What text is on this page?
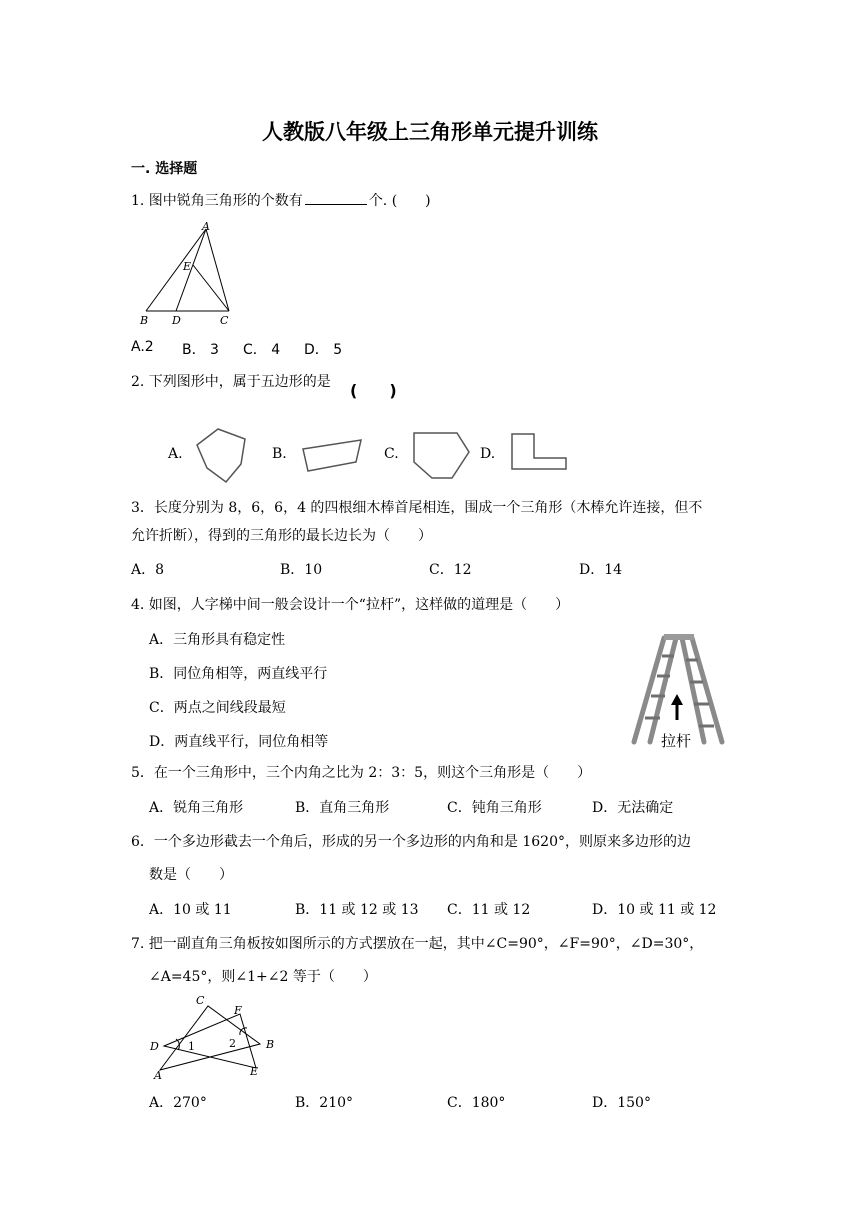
人教版八年级上三角形单元提升训练
一. 选择题
1. 图中锐角三角形的个数有	个. (　　)
A
E
B D	C
A.2 B． 3 C． 4 D． 5
2. 下列图形中，属于五边形的是 (　　)
A.	B.	C.	D.
3．长度分别为 8，6，6，4 的四根细木棒首尾相连，围成一个三角形（木棒允许连接，但不
允许折断），得到的三角形的最长边长为（　　）
A．8	B．10	C．12	D．14
4. 如图，人字梯中间一般会设计一个“拉杆”，这样做的道理是（　　）
A．三角形具有稳定性
B．同位角相等，两直线平行
C．两点之间线段最短
D．两直线平行，同位角相等	拉杆
5．在一个三角形中，三个内角之比为 2：3：5，则这个三角形是（　　）
A．锐角三角形	B．直角三角形	C．钝角三角形	D．无法确定
6．一个多边形截去一个角后，形成的另一个多边形的内角和是 1620°，则原来多边形的边
数是（　　）
A．10 或 11	B．11 或 12 或 13 C．11 或 12	D．10 或 11 或 12
7. 把一副直角三角板按如图所示的方式摆放在一起，其中∠C=90°，∠F=90°，∠D=30°，
∠A=45°，则∠1+∠2 等于（　　）
C
F
D	1	2	B
A	E
A．270°	B．210°	C．180°	D．150°
